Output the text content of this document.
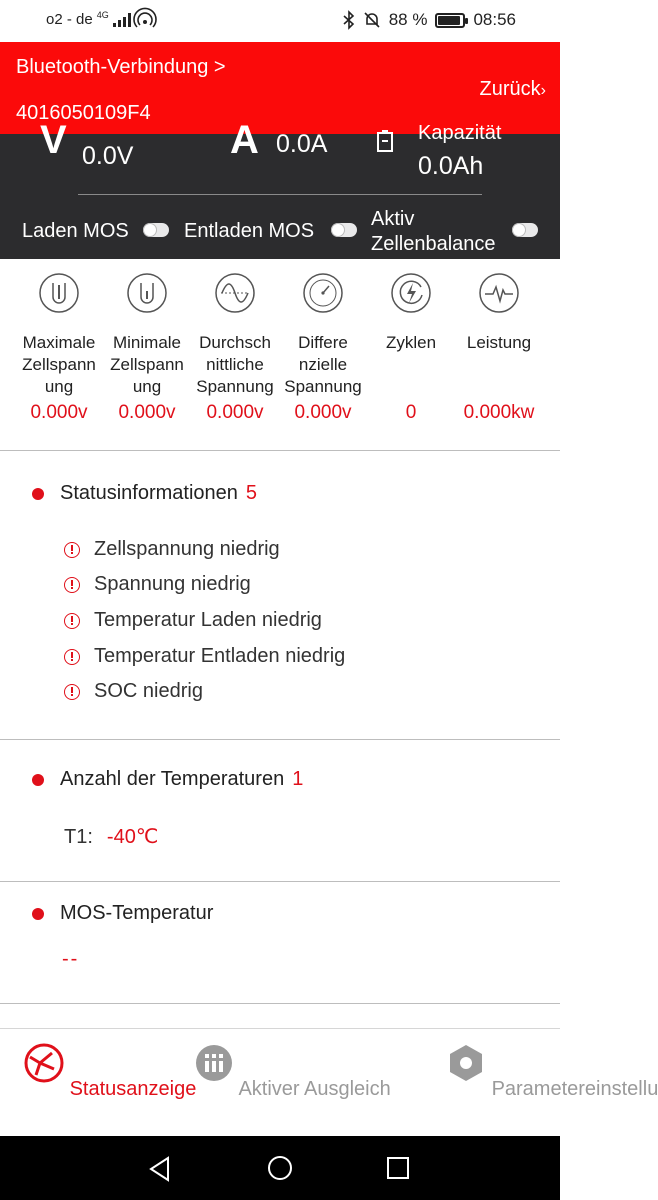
o2 - de 4G	88 %	08:56
Bluetooth-Verbindung >
4016050109F4
Zurück›
V 0.0V A 0.0A	Kapazität
0.0Ah
Laden MOS	Entladen MOS
Aktiv
Zellenbalance
Maximale Zellspann ung
0.000v
Minimale Zellspann ung
0.000v
Durchsch nittliche Spannung
0.000v
Differe nzielle Spannung
0.000v
Zyklen
0
Leistung
0.000kw
Statusinformationen 5
Zellspannung niedrig
Spannung niedrig
Temperatur Laden niedrig
Temperatur Entladen niedrig
SOC niedrig
Anzahl der Temperaturen 1
T1: -40℃
MOS-Temperatur
--
Statusanzeige	Aktiver Ausgleich	Parametereinstellu
